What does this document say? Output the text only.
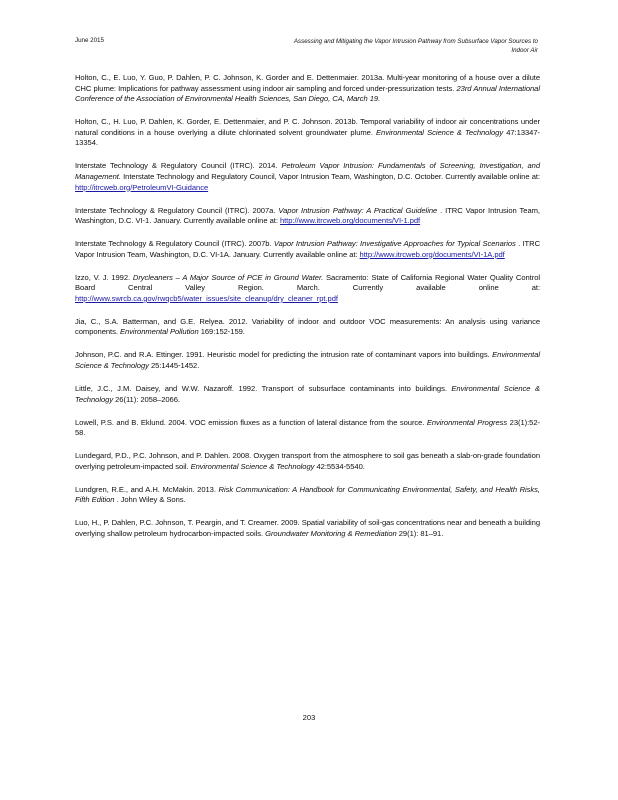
June 2015	Assessing and Mitigating the Vapor Intrusion Pathway from Subsurface Vapor Sources to Indoor Air

Holton, C., E. Luo, Y. Guo, P. Dahlen, P. C. Johnson, K. Gorder and E. Dettenmaier. 2013a. Multi-year monitoring of a house over a dilute CHC plume: Implications for pathway assessment using indoor air sampling and forced under-pressurization tests. 23rd Annual International Conference of the Association of Environmental Health Sciences, San Diego, CA, March 19.

Holton, C., H. Luo, P. Dahlen, K. Gorder, E. Dettenmaier, and P. C. Johnson. 2013b. Temporal variability of indoor air concentrations under natural conditions in a house overlying a dilute chlorinated solvent groundwater plume. Environmental Science & Technology 47:13347-13354.

Interstate Technology & Regulatory Council (ITRC). 2014. Petroleum Vapor Intrusion: Fundamentals of Screening, Investigation, and Management. Interstate Technology and Regulatory Council, Vapor Intrusion Team, Washington, D.C. October. Currently available online at: http://itrcweb.org/PetroleumVI-Guidance

Interstate Technology & Regulatory Council (ITRC). 2007a. Vapor Intrusion Pathway: A Practical Guideline . ITRC Vapor Intrusion Team, Washington, D.C. VI-1. January. Currently available online at: http://www.itrcweb.org/documents/VI-1.pdf

Interstate Technology & Regulatory Council (ITRC). 2007b. Vapor Intrusion Pathway: Investigative Approaches for Typical Scenarios . ITRC Vapor Intrusion Team, Washington, D.C. VI-1A. January. Currently available online at: http://www.itrcweb.org/documents/VI-1A.pdf

Izzo, V. J. 1992. Drycleaners – A Major Source of PCE in Ground Water. Sacramento: State of California Regional Water Quality Control Board Central Valley Region. March. Currently available online at: http://www.swrcb.ca.gov/rwqcb5/water_issues/site_cleanup/dry_cleaner_rpt.pdf

Jia, C., S.A. Batterman, and G.E. Relyea. 2012. Variability of indoor and outdoor VOC measurements: An analysis using variance components. Environmental Pollution 169:152-159.

Johnson, P.C. and R.A. Ettinger. 1991. Heuristic model for predicting the intrusion rate of contaminant vapors into buildings. Environmental Science & Technology 25:1445-1452.

Little, J.C., J.M. Daisey, and W.W. Nazaroff. 1992. Transport of subsurface contaminants into buildings. Environmental Science & Technology 26(11): 2058–2066.

Lowell, P.S. and B. Eklund. 2004. VOC emission fluxes as a function of lateral distance from the source. Environmental Progress 23(1):52-58.

Lundegard, P.D., P.C. Johnson, and P. Dahlen. 2008. Oxygen transport from the atmosphere to soil gas beneath a slab-on-grade foundation overlying petroleum-impacted soil. Environmental Science & Technology 42:5534-5540.

Lundgren, R.E., and A.H. McMakin. 2013. Risk Communication: A Handbook for Communicating Environmental, Safety, and Health Risks, Fifth Edition . John Wiley & Sons.

Luo, H., P. Dahlen, P.C. Johnson, T. Peargin, and T. Creamer. 2009. Spatial variability of soil-gas concentrations near and beneath a building overlying shallow petroleum hydrocarbon-impacted soils. Groundwater Monitoring & Remediation 29(1): 81–91.

203
